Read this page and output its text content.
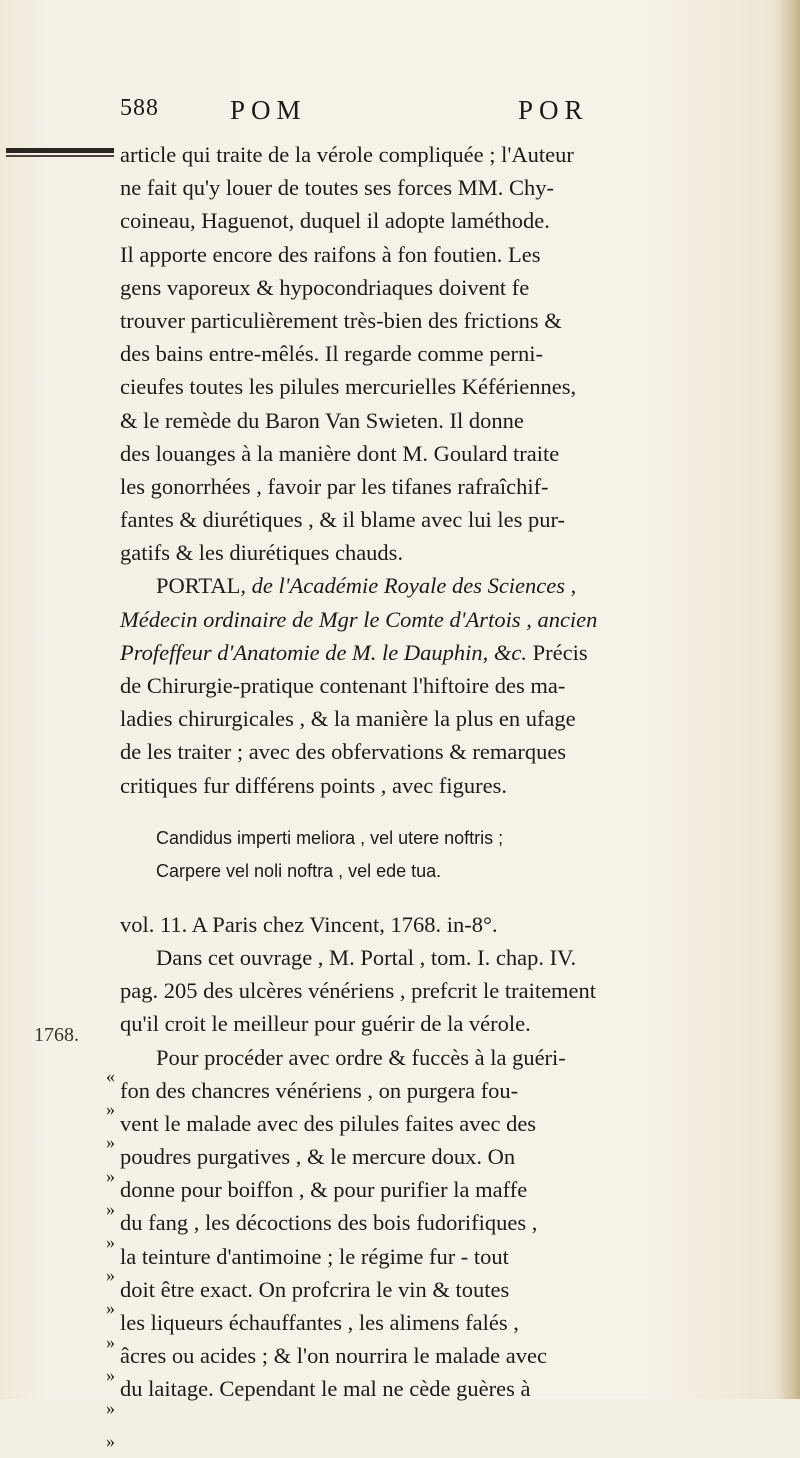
588	POM	POR
1768.
article qui traite de la vérole compliquée ; l'Auteur
ne fait qu'y louer de toutes ses forces MM. Chy-
coineau, Haguenot, duquel il adopte laméthode.
Il apporte encore des raifons à fon foutien. Les
gens vaporeux & hypocondriaques doivent fe
trouver particulièrement très-bien des frictions &
des bains entre-mêlés. Il regarde comme perni-
cieufes toutes les pilules mercurielles Kéfériennes,
& le remède du Baron Van Swieten. Il donne
des louanges à la manière dont M. Goulard traite
les gonorrhées , favoir par les tifanes rafraîchif-
fantes & diurétiques , & il blame avec lui les pur-
gatifs & les diurétiques chauds.
PORTAL, de l'Académie Royale des Sciences ,
Médecin ordinaire de Mgr le Comte d'Artois , ancien
Profeffeur d'Anatomie de M. le Dauphin, &c. Précis
de Chirurgie-pratique contenant l'hiftoire des ma-
ladies chirurgicales , & la manière la plus en ufage
de les traiter ; avec des obfervations & remarques
critiques fur différens points , avec figures.
Candidus imperti meliora , vel utere noftris ;
Carpere vel noli noftra , vel ede tua.
vol. 11. A Paris chez Vincent, 1768. in-8°.
Dans cet ouvrage , M. Portal , tom. I. chap. IV.
pag. 205 des ulcères vénériens , prefcrit le traitement
qu'il croit le meilleur pour guérir de la vérole.
Pour procéder avec ordre & fuccès à la guéri-
fon des chancres vénériens , on purgera fou-
vent le malade avec des pilules faites avec des
poudres purgatives , & le mercure doux. On
donne pour boiffon , & pour purifier la maffe
du fang , les décoctions des bois fudorifiques ,
la teinture d'antimoine ; le régime fur - tout
doit être exact. On profcrira le vin & toutes
les liqueurs échauffantes , les alimens falés ,
âcres ou acides ; & l'on nourrira le malade avec
du laitage. Cependant le mal ne cède guères à
«
»
»
»
»
»
»
»
»
»
»
»
